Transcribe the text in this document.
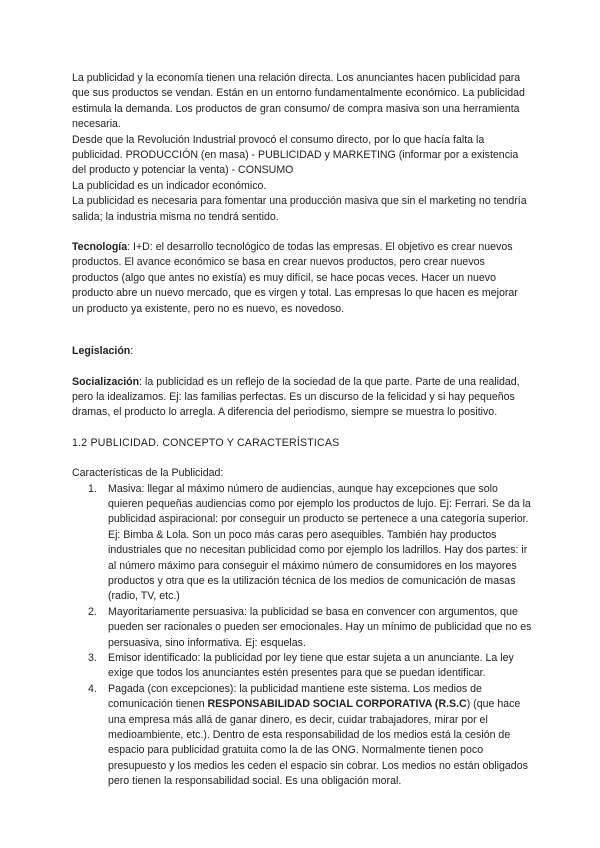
La publicidad y la economía tienen una relación directa. Los anunciantes hacen publicidad para que sus productos se vendan. Están en un entorno fundamentalmente económico. La publicidad estimula la demanda. Los productos de gran consumo/ de compra masiva son una herramienta necesaria.

Desde que la Revolución Industrial provocó el consumo directo, por lo que hacía falta la publicidad. PRODUCCIÓN (en masa) - PUBLICIDAD y MARKETING (informar por a existencia del producto y potenciar la venta) - CONSUMO

La publicidad es un indicador económico.

La publicidad es necesaria para fomentar una producción masiva que sin el marketing no tendría salida; la industria misma no tendrá sentido.

Tecnología: I+D: el desarrollo tecnológico de todas las empresas. El objetivo es crear nuevos productos. El avance económico se basa en crear nuevos productos, pero crear nuevos productos (algo que antes no existía) es muy difícil, se hace pocas veces. Hacer un nuevo producto abre un nuevo mercado, que es virgen y total. Las empresas lo que hacen es mejorar un producto ya existente, pero no es nuevo, es novedoso.

Legislación:

Socialización: la publicidad es un reflejo de la sociedad de la que parte. Parte de una realidad, pero la idealizamos. Ej: las familias perfectas. Es un discurso de la felicidad y si hay pequeños dramas, el producto lo arregla. A diferencia del periodismo, siempre se muestra lo positivo.

1.2 PUBLICIDAD. CONCEPTO Y CARACTERÍSTICAS

Características de la Publicidad:

1. Masiva: llegar al máximo número de audiencias, aunque hay excepciones que solo quieren pequeñas audiencias como por ejemplo los productos de lujo. Ej: Ferrari. Se da la publicidad aspiracional: por conseguir un producto se pertenece a una categoría superior. Ej: Bimba & Lola. Son un poco más caras pero asequibles. También hay productos industriales que no necesitan publicidad como por ejemplo los ladrillos. Hay dos partes: ir al número máximo para conseguir el máximo número de consumidores en los mayores productos y otra que es la utilización técnica de los medios de comunicación de masas (radio, TV, etc.)
2. Mayoritariamente persuasiva: la publicidad se basa en convencer con argumentos, que pueden ser racionales o pueden ser emocionales. Hay un mínimo de publicidad que no es persuasiva, sino informativa. Ej: esquelas.
3. Emisor identificado: la publicidad por ley tiene que estar sujeta a un anunciante. La ley exige que todos los anunciantes estén presentes para que se puedan identificar.
4. Pagada (con excepciones): la publicidad mantiene este sistema. Los medios de comunicación tienen RESPONSABILIDAD SOCIAL CORPORATIVA (R.S.C) (que hace una empresa más allá de ganar dinero, es decir, cuidar trabajadores, mirar por el medioambiente, etc.). Dentro de esta responsabilidad de los medios está la cesión de espacio para publicidad gratuita como la de las ONG. Normalmente tienen poco presupuesto y los medios les ceden el espacio sin cobrar. Los medios no están obligados pero tienen la responsabilidad social. Es una obligación moral.
